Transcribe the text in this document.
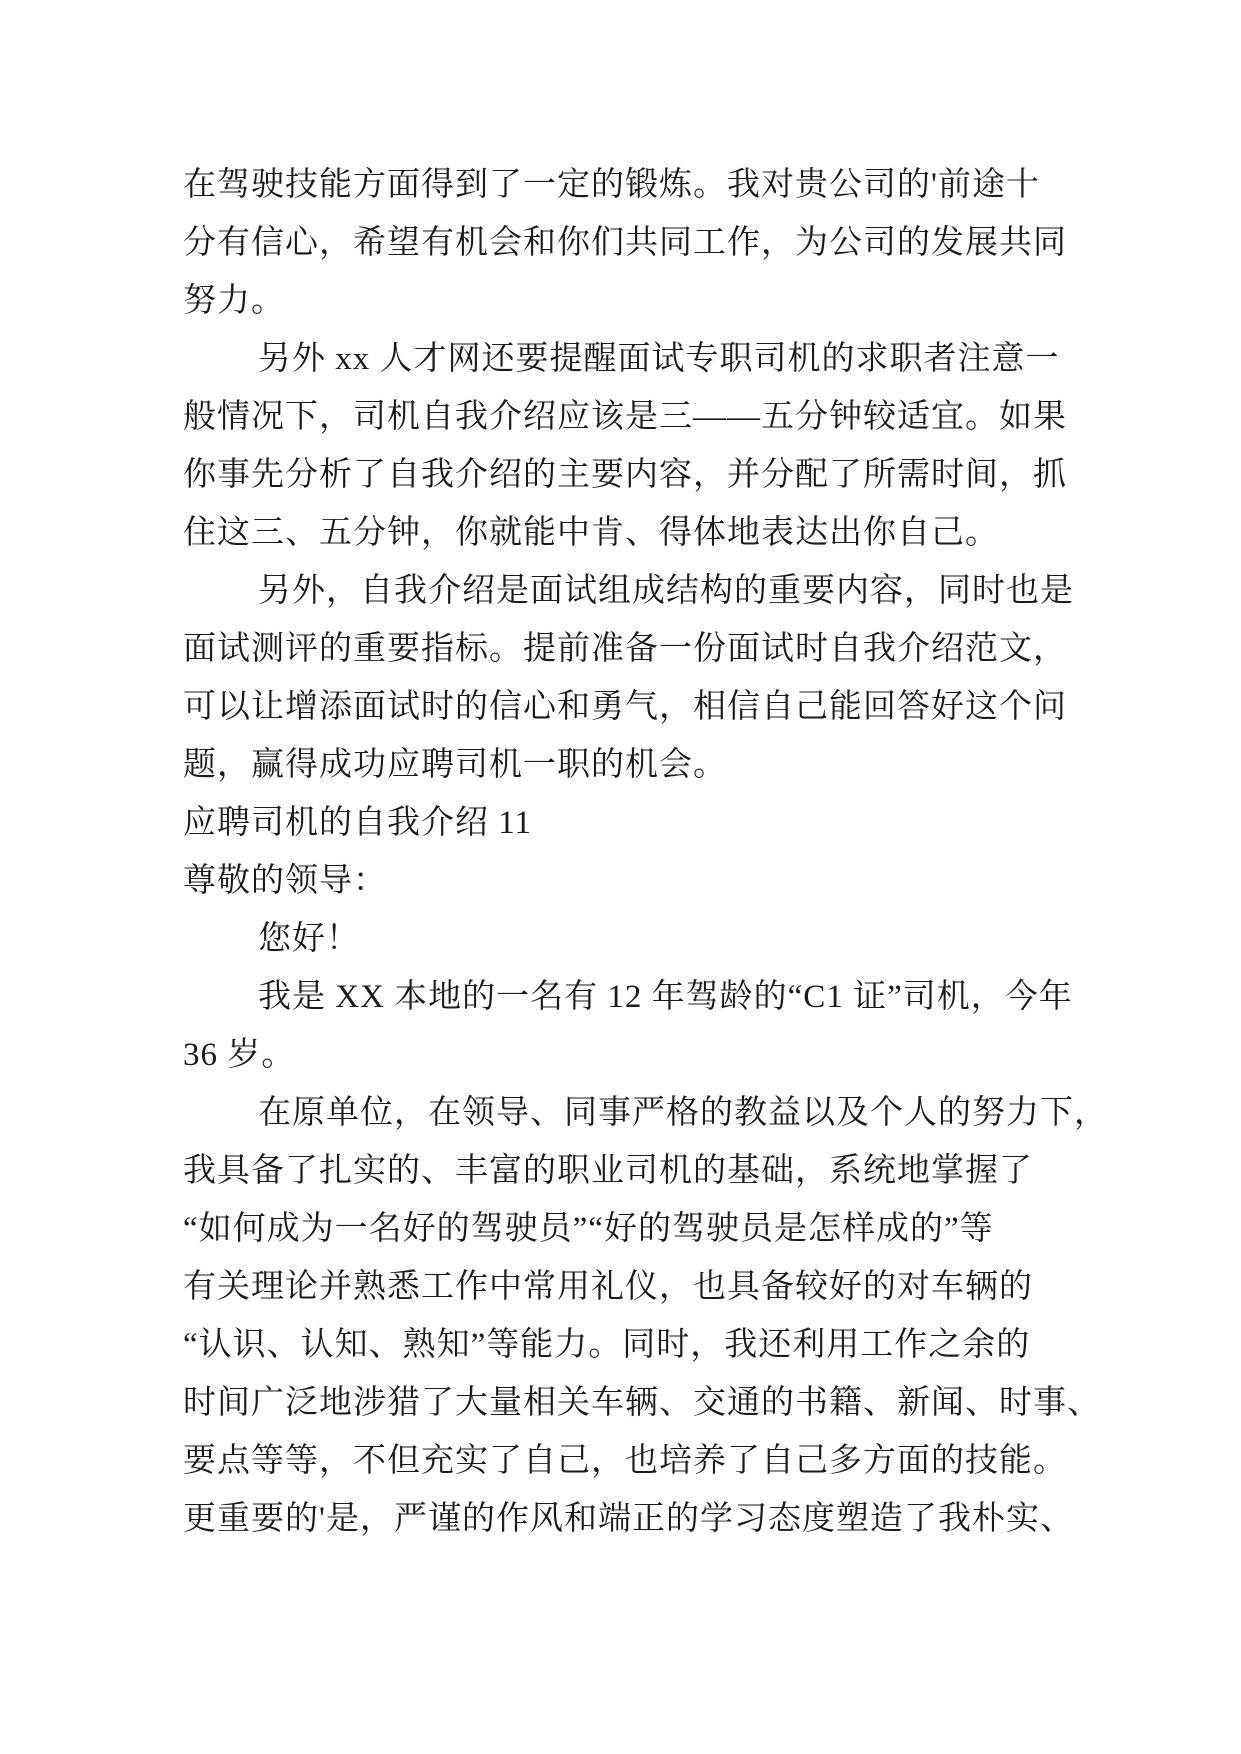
在驾驶技能方面得到了一定的锻炼。我对贵公司的'前途十
分有信心，希望有机会和你们共同工作，为公司的发展共同
努力。
另外 xx 人才网还要提醒面试专职司机的求职者注意一
般情况下，司机自我介绍应该是三——五分钟较适宜。如果
你事先分析了自我介绍的主要内容，并分配了所需时间，抓
住这三、五分钟，你就能中肯、得体地表达出你自己。
另外，自我介绍是面试组成结构的重要内容，同时也是
面试测评的重要指标。提前准备一份面试时自我介绍范文，
可以让增添面试时的信心和勇气，相信自己能回答好这个问
题，赢得成功应聘司机一职的机会。
应聘司机的自我介绍 11
尊敬的领导：
您好！
我是 XX 本地的一名有 12 年驾龄的“C1 证”司机，今年
36 岁。
在原单位，在领导、同事严格的教益以及个人的努力下，
我具备了扎实的、丰富的职业司机的基础，系统地掌握了
“如何成为一名好的驾驶员”“好的驾驶员是怎样成的”等
有关理论并熟悉工作中常用礼仪，也具备较好的对车辆的
“认识、认知、熟知”等能力。同时，我还利用工作之余的
时间广泛地涉猎了大量相关车辆、交通的书籍、新闻、时事、
要点等等，不但充实了自己，也培养了自己多方面的技能。
更重要的'是，严谨的作风和端正的学习态度塑造了我朴实、
